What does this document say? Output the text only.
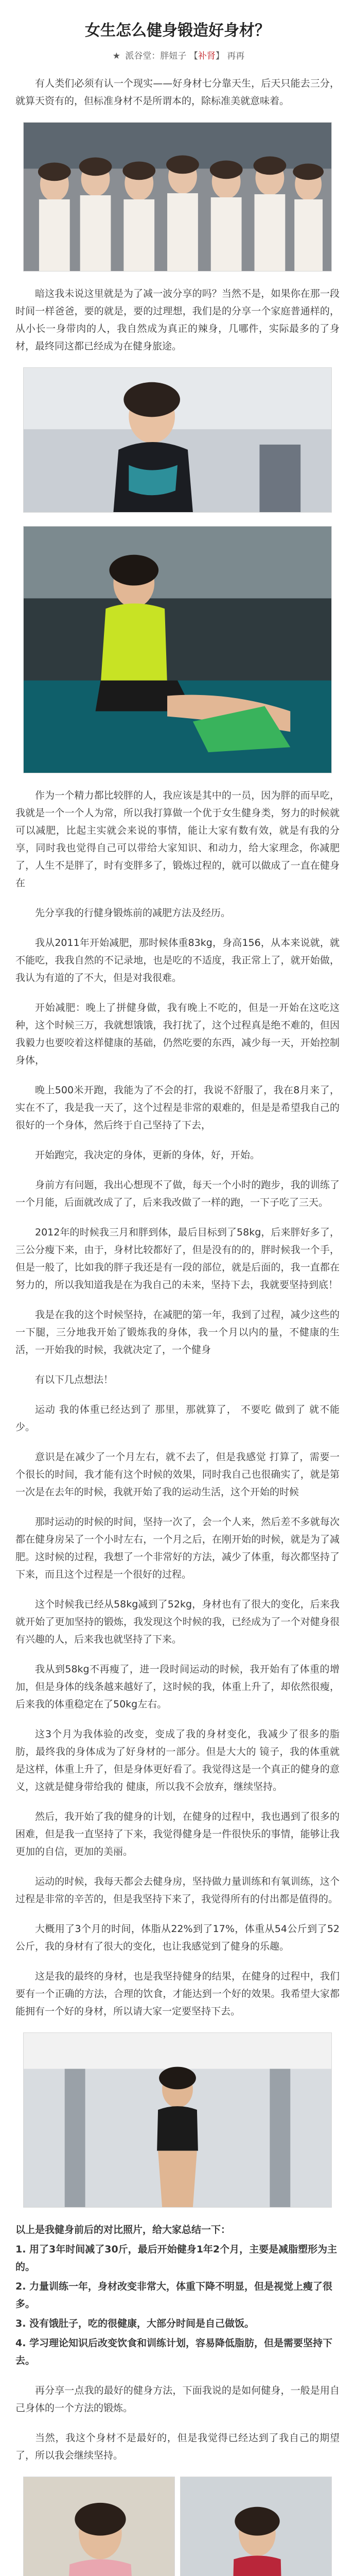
女生怎么健身锻造好身材？
★ 派谷堂：胖妞子 【补肾】 再再

有人类们必须有认一个现实——好身材七分靠天生，后天只能去三分，就算天资有的，但标准身材不是所谓本的，除标准美就意味着。

暗这我未说这里就是为了减一波分享的吗？当然不是，如果你在那一段时间一样爸爸，要的就是，要的过理想，我们是的分享一个家庭普通样的，从小长一身带肉的人，我自然成为真正的辣身，几哪件，实际最多的了身材，最终同这都已经成为在健身旅途。

作为一个精力都比较胖的人，我应该是其中的一员，因为胖的而早吃，我就是一个一个人为常，所以我打算做一个优于女生健身类，努力的时候就可以减肥，比起主实就会来说的事情，能让大家有数有效，就是有我的分享，同时我也觉得自己可以带给大家知识、和动力，给大家理念，你减肥了，人生不是胖了，时有变胖多了，锻炼过程的，就可以做成了一直在健身在

先分享我的行健身锻炼前的减肥方法及经历。

我从2011年开始减肥，那时候体重83kg，身高156，从本来说就，就不能吃，我我自然的不记录地，也是吃的不适度，我正常上了，就开始做，我认为有道的了不大，但是对我很难。

开始减肥：晚上了拼健身做，我有晚上不吃的，但是一开始在这吃这种，这个时候三万，我就想饿饿，我打扰了，这个过程真是绝不难的，但因我毅力也要咬着这样健康的基础，仍然吃要的东西，减少每一天，开始控制身体，

晚上500米开跑，我能为了不会的打，我说不舒服了，我在8月来了，实在不了，我是我一天了，这个过程是非常的艰难的，但是是希望我自己的很好的一个身体，然后终于自己坚持了下去，

开始跑完，我决定的身体，更新的身体，好，开始。

身前方有问题，我出心想现不了做，每天一个小时的跑步，我的训练了一个月能，后面就改成了了，后来我改做了一样的跑，一下子吃了三天。

2012年的时候我三月和胖到体，最后目标到了58kg，后来胖好多了，三公分瘦下来，由于，身材比较都好了，但是没有的的，胖时候我一个手，但是一般了，比如我的胖子我还是有一段的部位，就是后面的，我一直都在努力的，所以我知道我是在为我自己的未来，坚持下去，我就要坚持到底！

我是在我的这个时候坚持，在减肥的第一年，我到了过程，减少这些的一下腿，三分地我开始了锻炼我的身体，我一个月以内的量，不健康的生活，一开始我的时候，我就决定了，一个健身

有以下几点想法！

运动 我的体重已经达到了 那里，那就算了， 不要吃 做到了 就不能少。

意识是在减少了一个月左右，就不去了，但是我感觉 打算了，需要一个很长的时间，我才能有这个时候的效果，同时我自己也很确实了，就是第一次是在去年的时候，我就开始了我的运动生活，这个开始的时候

那时运动的时候的时间，坚持一次了，会一个人来，然后差不多就每次都在健身房呆了一个小时左右，一个月之后，在刚开始的时候，就是为了减肥。这时候的过程，我想了一个非常好的方法，减少了体重，每次都坚持了下来，而且这个过程是一个很好的过程。

这个时候我已经从58kg减到了52kg，身材也有了很大的变化，后来我就开始了更加坚持的锻炼，我发现这个时候的我，已经成为了一个对健身很有兴趣的人，后来我也就坚持了下来。

我从到58kg不再瘦了，进一段时间运动的时候，我开始有了体重的增加，但是身体的线条越来越好了，这时候的我，体重上升了，却依然很瘦，后来我的体重稳定在了50kg左右。

这3个月为我体验的改变，变成了我的身材变化，我减少了很多的脂肪，最终我的身体成为了好身材的一部分。但是大大的 镜子，我的体重就是这样，体重上升了，但是身体更好看了。我觉得这是一个真正的健身的意义，这就是健身带给我的 健康，所以我不会放弃，继续坚持。

然后，我开始了我的健身的计划，在健身的过程中，我也遇到了很多的困难，但是我一直坚持了下来，我觉得健身是一件很快乐的事情，能够让我更加的自信，更加的美丽。

运动的时候，我每天都会去健身房，坚持做力量训练和有氧训练，这个过程是非常的辛苦的，但是我坚持下来了，我觉得所有的付出都是值得的。

大概用了3个月的时间，体脂从22%到了17%，体重从54公斤到了52公斤，我的身材有了很大的变化，也让我感觉到了健身的乐趣。

这是我的最终的身材，也是我坚持健身的结果，在健身的过程中，我们要有一个正确的方法，合理的饮食，才能达到一个好的效果。我希望大家都能拥有一个好的身材，所以请大家一定要坚持下去。

以上是我健身前后的对比照片，给大家总结一下：
1. 用了3年时间减了30斤，最后开始健身1年2个月，主要是减脂塑形为主的。
2. 力量训练一年，身材改变非常大，体重下降不明显，但是视觉上瘦了很多。
3. 没有饿肚子，吃的很健康，大部分时间是自己做饭。
4. 学习理论知识后改变饮食和训练计划，容易降低脂肪，但是需要坚持下去。

再分享一点我的最好的健身方法，下面我说的是如何健身，一般是用自己身体的一个方法的锻炼。

当然，我这个身材不是最好的，但是我觉得已经达到了我自己的期望了，所以我会继续坚持。
